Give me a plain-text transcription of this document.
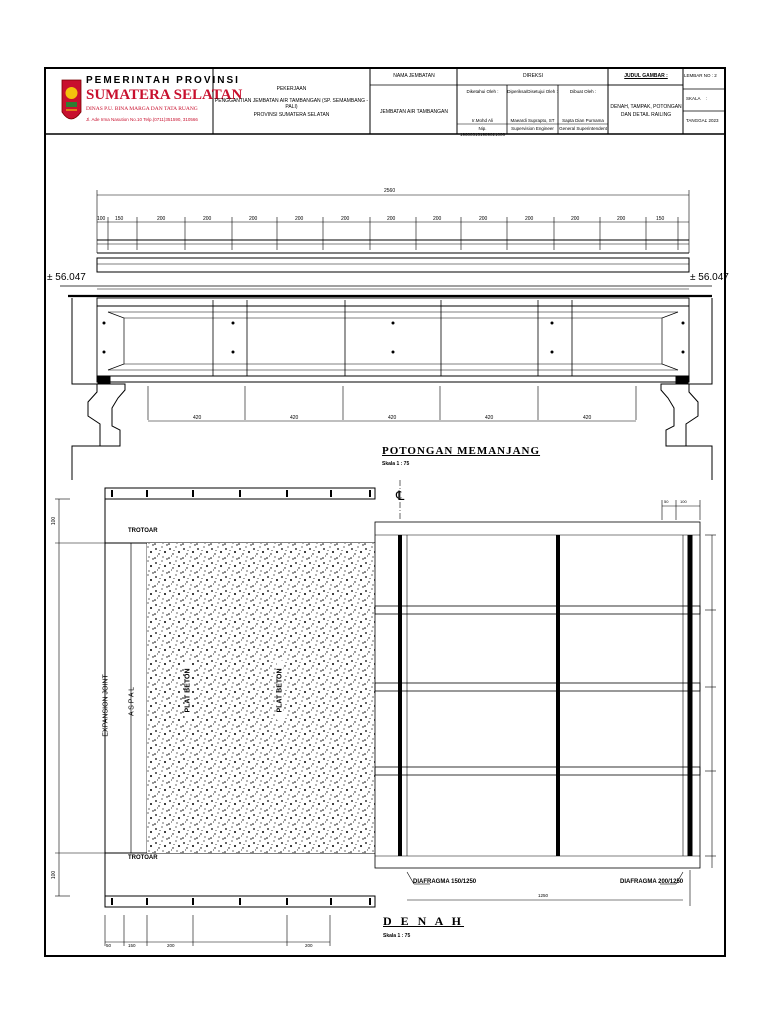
PEMERINTAH PROVINSI
SUMATERA SELATAN
DINAS P.U. BINA MARGA DAN TATA RUANG
Jl. Ade Irma Nasution No.10 Telp.(0711)351590, 310566
PEKERJAAN
PENGGANTIAN JEMBATAN AIR TAMBANGAN (SP. SEMAMBANG - PALI)
PROVINSI SUMATERA SELATAN
NAMA JEMBATAN
JEMBATAN AIR TAMBANGAN
DIREKSI
Diketahui Oleh :
Ir.Mohd Ali
Nip. 196003151989021006
Diperiksa/Disetujui Oleh :
Maeardi Suprapto, ST
Supervision Engineer
Dibuat Oleh :
Sapta Dian Purnama
General Superintendent
JUDUL GAMBAR :
DENAH, TAMPAK, POTONGAN
DAN DETAIL RAILING
LEMBAR NO : 2
SKALA	:
TANGGAL
: 2023
2560
100 150	200	200	200	200	200	200	200	200	200	200	200	150
± 56.047	± 56.047
420	420	420	420	420
POTONGAN MEMANJANG
Skala 1 : 75
℄
TROTOAR
TROTOAR
EXPANSION JOINT	A S P A L	PLAT BETON	PLAT BETON
DIAFRAGMA 150/1250	DIAFRAGMA 200/1250
1250
100
100
50	100
50	150	200	200
D E N A H
Skala 1 : 75
